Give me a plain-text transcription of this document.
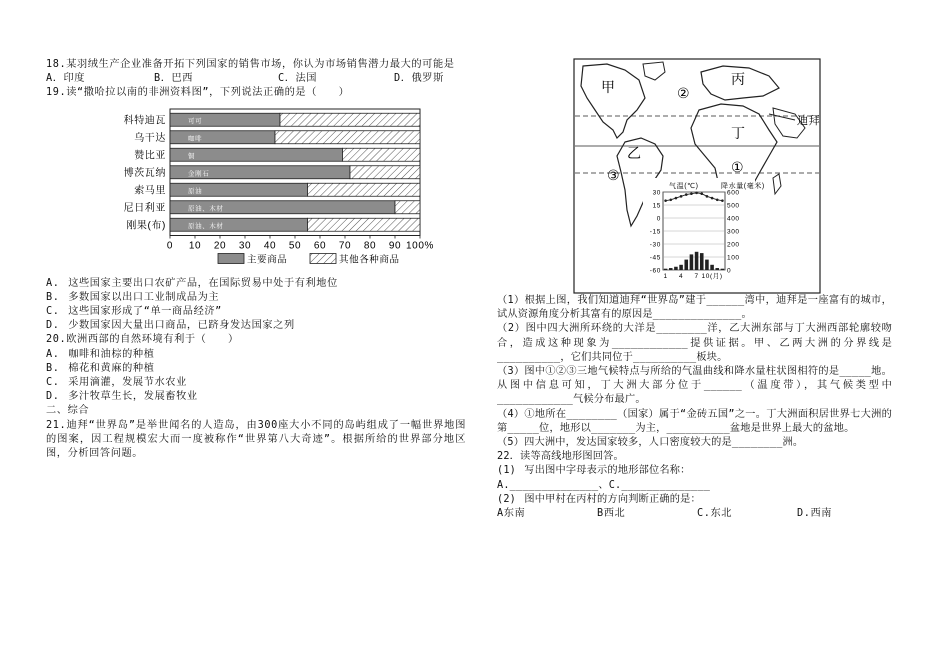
18.某羽绒生产企业准备开拓下列国家的销售市场，你认为市场销售潜力最大的可能是

A．印度	B．巴西	C．法国	D．俄罗斯

19.读“撒哈拉以南的非洲资料图”，下列说法正确的是（　　）

科特迪瓦	可可
乌干达	咖啡
赞比亚	铜
博茨瓦纳	金刚石
索马里	原油
尼日利亚	原油、木材
刚果(布)	原油、木材
0 10 20 30 40 50 60 70 80 90 100%
主要商品	其他各种商品

A. 这些国家主要出口农矿产品，在国际贸易中处于有利地位

B. 多数国家以出口工业制成品为主

C. 这些国家形成了“单一商品经济”

D. 少数国家因大量出口商品，已跻身发达国家之列

20.欧洲西部的自然环境有利于（　　）

A. 咖啡和油棕的种植

B. 棉花和黄麻的种植

C. 采用滴灌，发展节水农业

D. 多汁牧草生长，发展畜牧业

二、综合

21.迪拜“世界岛”是举世闻名的人造岛，由300座大小不同的岛屿组成了一幅世界地图的图案，因工程规模宏大而一度被称作“世界第八大奇迹”。根据所给的世界部分地区图，分析回答问题。

甲	丙
丁
乙
迪拜
②
①
③
气温(℃)	降水量(毫米)
30
15
0
-15
-30
-45
-60
600
500
400
300
200
100
0
1 4 7 10(月)

（1）根据上图，我们知道迪拜“世界岛”建于______湾中，迪拜是一座富有的城市，试从资源角度分析其富有的原因是______________。

（2）图中四大洲所环绕的大洋是________洋，乙大洲东部与丁大洲西部轮廓较吻合，造成这种现象为____________提供证据。甲、乙两大洲的分界线是__________，它们共同位于__________板块。

（3）图中①②③三地气候特点与所给的气温曲线和降水量柱状图相符的是_____地。从图中信息可知，丁大洲大部分位于______（温度带），其气候类型中____________气候分布最广。

（4）①地所在________（国家）属于“金砖五国”之一。丁大洲面积居世界七大洲的第_____位，地形以_______为主，__________盆地是世界上最大的盆地。

（5）四大洲中，发达国家较多，人口密度较大的是________洲。

22．读等高线地形图回答。

(1) 写出图中字母表示的地形部位名称：

A.______________、C.______________

(2) 图中甲村在丙村的方向判断正确的是：

A东南	B西北	C.东北	D.西南
